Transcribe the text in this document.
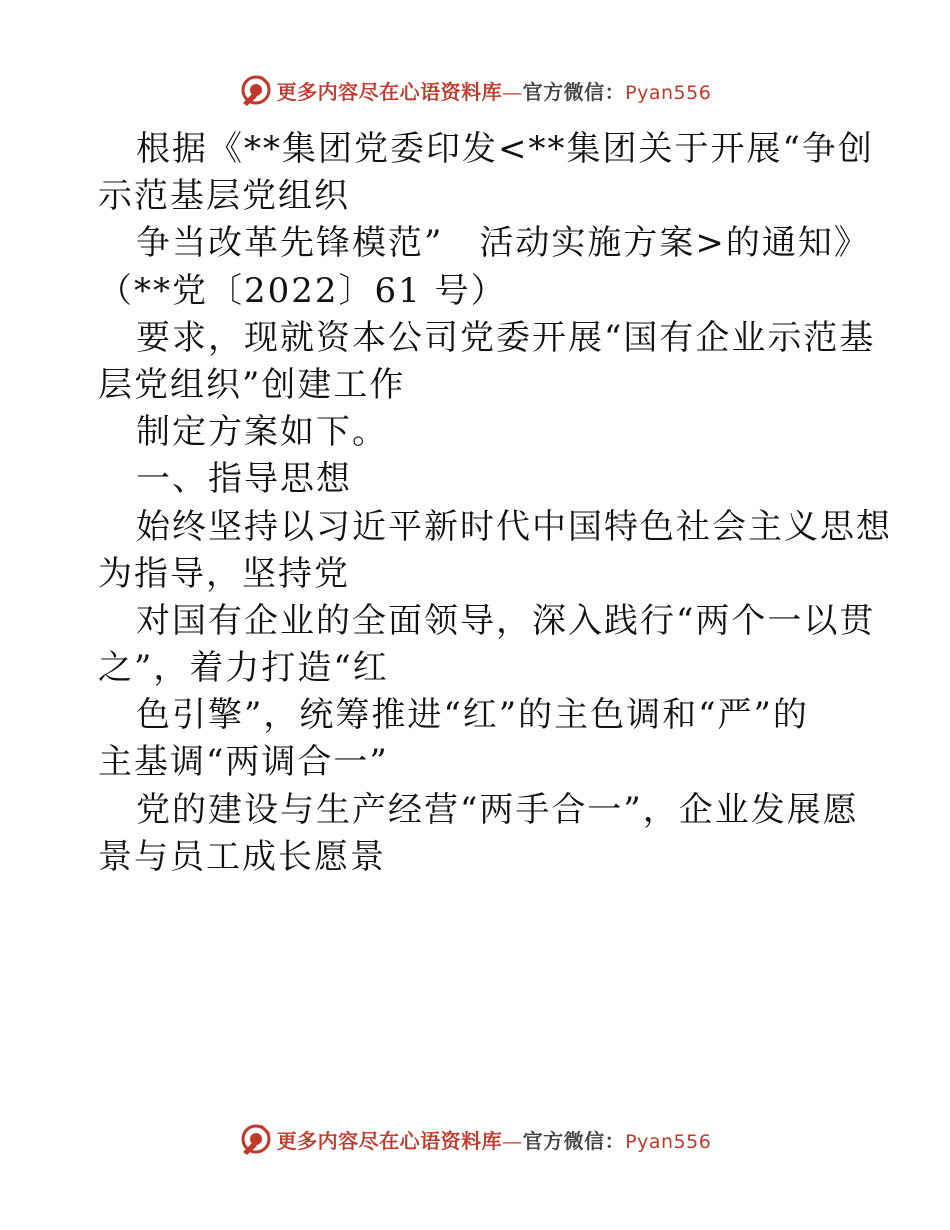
更多内容尽在心语资料库—官方微信：Pyan556
根据《**集团党委印发<**集团关于开展“争创
示范基层党组织
争当改革先锋模范”　活动实施方案>的通知》
（**党〔2022〕61 号）
要求，现就资本公司党委开展“国有企业示范基
层党组织”创建工作
制定方案如下。
一、指导思想
始终坚持以习近平新时代中国特色社会主义思想
为指导，坚持党
对国有企业的全面领导，深入践行“两个一以贯
之”，着力打造“红
色引擎”，统筹推进“红”的主色调和“严”的
主基调“两调合一”
党的建设与生产经营“两手合一”，企业发展愿
景与员工成长愿景
更多内容尽在心语资料库—官方微信：Pyan556
